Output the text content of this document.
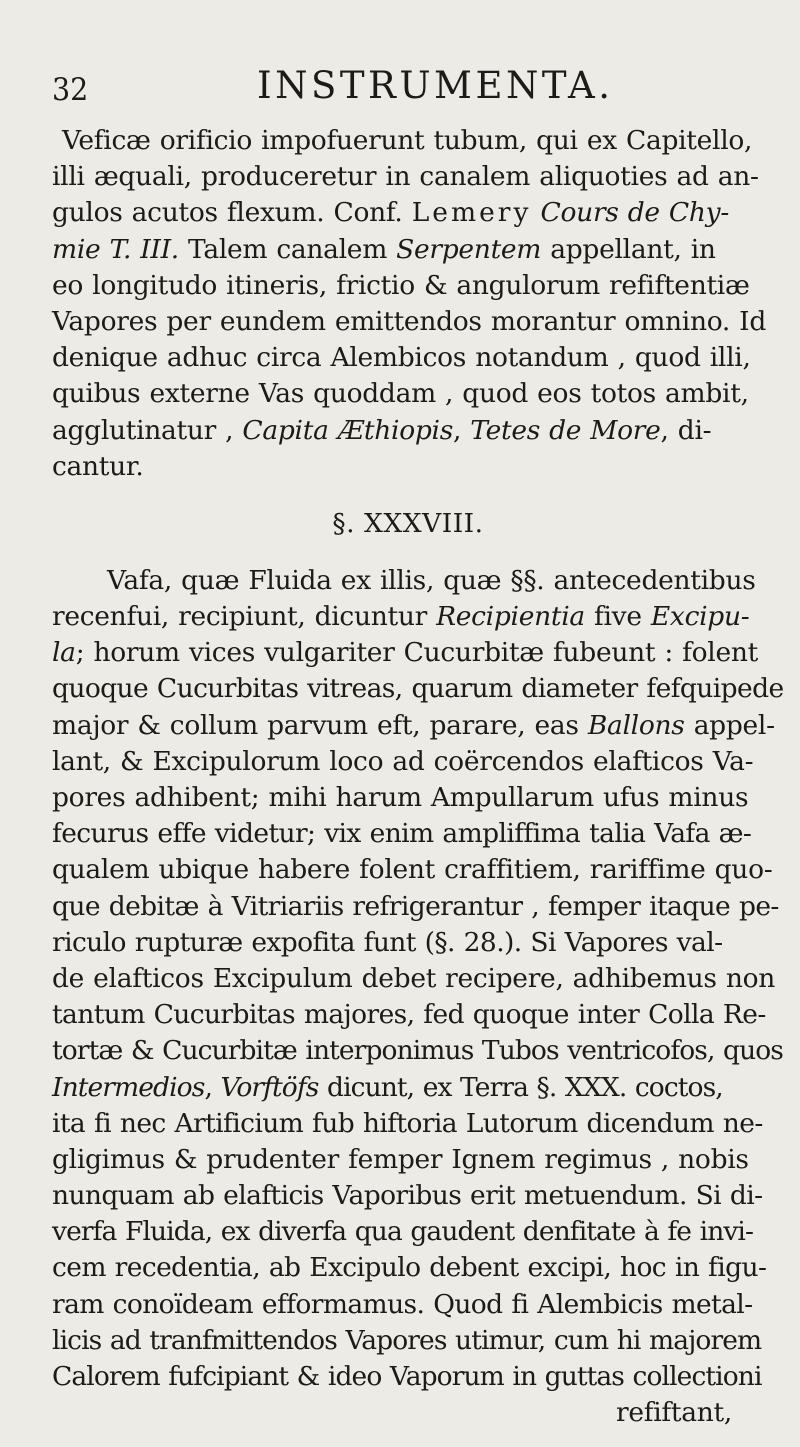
32	INSTRUMENTA.
Veficæ orificio impofuerunt tubum, qui ex Capitello,
illi æquali, produceretur in canalem aliquoties ad an-
gulos acutos flexum. Conf. Lemery Cours de Chy-
mie T. III. Talem canalem Serpentem appellant, in
eo longitudo itineris, frictio & angulorum refiftentiæ
Vapores per eundem emittendos morantur omnino. Id
denique adhuc circa Alembicos notandum , quod illi,
quibus externe Vas quoddam , quod eos totos ambit,
agglutinatur , Capita Æthiopis, Tetes de More, di-
cantur.
§. XXXVIII.
Vafa, quæ Fluida ex illis, quæ §§. antecedentibus
recenfui, recipiunt, dicuntur Recipientia five Excipu-
la; horum vices vulgariter Cucurbitæ fubeunt : folent
quoque Cucurbitas vitreas, quarum diameter fefquipede
major & collum parvum eft, parare, eas Ballons appel-
lant, & Excipulorum loco ad coërcendos elafticos Va-
pores adhibent; mihi harum Ampullarum ufus minus
fecurus effe videtur; vix enim ampliffima talia Vafa æ-
qualem ubique habere folent craffitiem, rariffime quo-
que debitæ à Vitriariis refrigerantur , femper itaque pe-
riculo rupturæ expofita funt (§. 28.). Si Vapores val-
de elafticos Excipulum debet recipere, adhibemus non
tantum Cucurbitas majores, fed quoque inter Colla Re-
tortæ & Cucurbitæ interponimus Tubos ventricofos, quos
Intermedios, Vorftöfs dicunt, ex Terra §. XXX. coctos,
ita fi nec Artificium fub hiftoria Lutorum dicendum ne-
gligimus & prudenter femper Ignem regimus , nobis
nunquam ab elafticis Vaporibus erit metuendum. Si di-
verfa Fluida, ex diverfa qua gaudent denfitate à fe invi-
cem recedentia, ab Excipulo debent excipi, hoc in figu-
ram conoïdeam efformamus. Quod fi Alembicis metal-
licis ad tranfmittendos Vapores utimur, cum hi majorem
Calorem fufcipiant & ideo Vaporum in guttas collectioni
refiftant,
